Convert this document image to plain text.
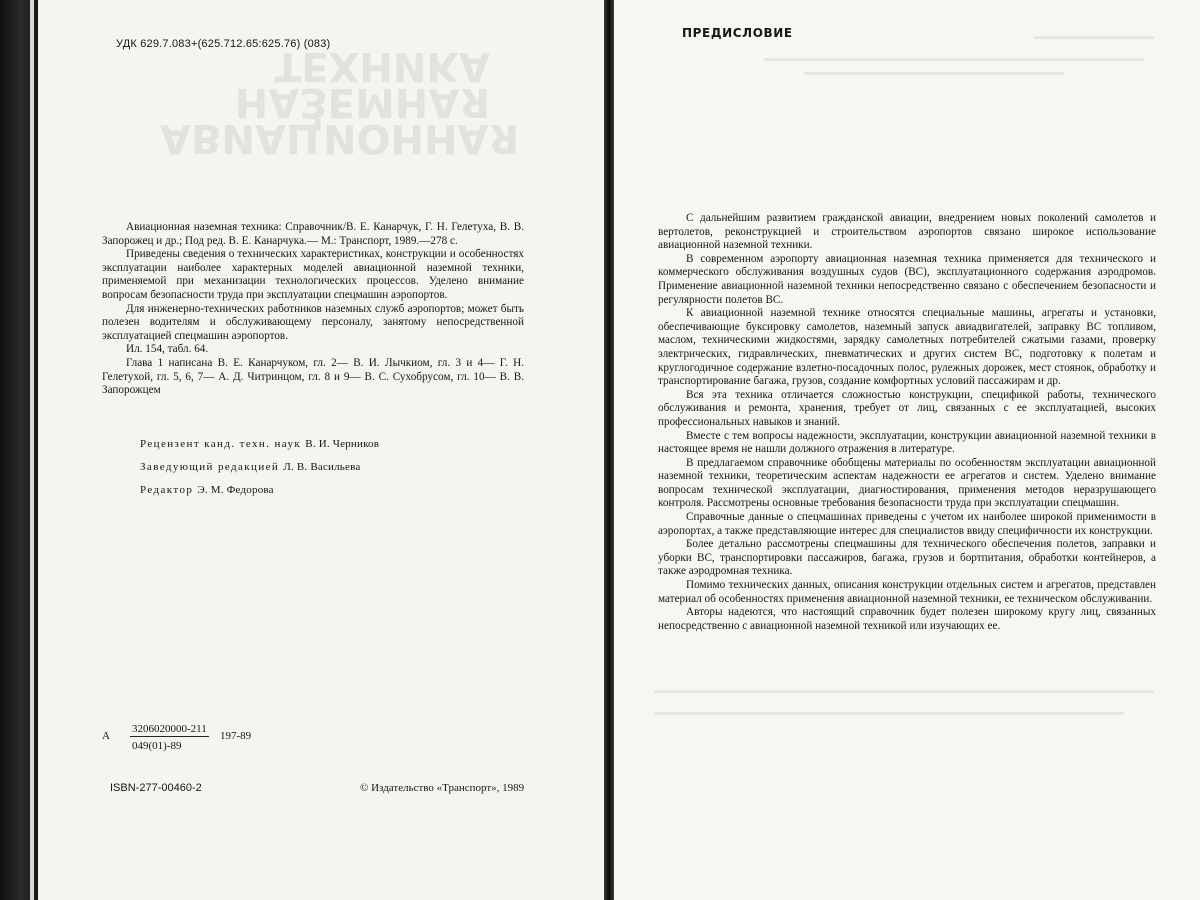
АВИАЦИОННАЯ НАЗЕМНАЯ ТЕХНИКА
УДК 629.7.083+(625.712.65:625.76) (083)

Авиационная наземная техника: Справочник/В. Е. Канарчук, Г. Н. Гелетуха, В. В. Запорожец и др.; Под ред. В. Е. Канарчука.— М.: Транспорт, 1989.—278 с.

Приведены сведения о технических характеристиках, конструкции и особенностях эксплуатации наиболее характерных моделей авиационной наземной техники, применяемой при механизации технологических процессов. Уделено внимание вопросам безопасности труда при эксплуатации спецмашин аэропортов.

Для инженерно-технических работников наземных служб аэропортов; может быть полезен водителям и обслуживающему персоналу, занятому непосредственной эксплуатацией спецмашин аэропортов.

Ил. 154, табл. 64.

Глава 1 написана В. Е. Канарчуком, гл. 2— В. И. Лычкиом, гл. 3 и 4— Г. Н. Гелетухой, гл. 5, 6, 7— А. Д. Читринцом, гл. 8 и 9— В. С. Сухобрусом, гл. 10— В. В. Запорожцем

Рецензент канд. техн. наук В. И. Черников
Заведующий редакцией Л. В. Васильева
Редактор Э. М. Федорова
А
3206020000-211
049(01)-89
197-89
ISBN-277-00460-2	© Издательство «Транспорт», 1989
ПРЕДИСЛОВИЕ

С дальнейшим развитием гражданской авиации, внедрением новых поколений самолетов и вертолетов, реконструкцией и строительством аэропортов связано широкое использование авиационной наземной техники.

В современном аэропорту авиационная наземная техника применяется для технического и коммерческого обслуживания воздушных судов (ВС), эксплуатационного содержания аэродромов. Применение авиационной наземной техники непосредственно связано с обеспечением безопасности и регулярности полетов ВС.

К авиационной наземной технике относятся специальные машины, агрегаты и установки, обеспечивающие буксировку самолетов, наземный запуск авиадвигателей, заправку ВС топливом, маслом, техническими жидкостями, зарядку самолетных потребителей сжатыми газами, проверку электрических, гидравлических, пневматических и других систем ВС, подготовку к полетам и круглогодичное содержание взлетно-посадочных полос, рулежных дорожек, мест стоянок, обработку и транспортирование багажа, грузов, создание комфортных условий пассажирам и др.

Вся эта техника отличается сложностью конструкции, спецификой работы, технического обслуживания и ремонта, хранения, требует от лиц, связанных с ее эксплуатацией, высоких профессиональных навыков и знаний.

Вместе с тем вопросы надежности, эксплуатации, конструкции авиационной наземной техники в настоящее время не нашли должного отражения в литературе.

В предлагаемом справочнике обобщены материалы по особенностям эксплуатации авиационной наземной техники, теоретическим аспектам надежности ее агрегатов и систем. Уделено внимание вопросам технической эксплуатации, диагностирования, применения методов неразрушающего контроля. Рассмотрены основные требования безопасности труда при эксплуатации спецмашин.

Справочные данные о спецмашинах приведены с учетом их наиболее широкой применимости в аэропортах, а также представляющие интерес для специалистов ввиду специфичности их конструкции.

Более детально рассмотрены спецмашины для технического обеспечения полетов, заправки и уборки ВС, транспортировки пассажиров, багажа, грузов и бортпитания, обработки контейнеров, а также аэродромная техника.

Помимо технических данных, описания конструкции отдельных систем и агрегатов, представлен материал об особенностях применения авиационной наземной техники, ее техническом обслуживании.

Авторы надеются, что настоящий справочник будет полезен широкому кругу лиц, связанных непосредственно с авиационной наземной техникой или изучающих ее.
